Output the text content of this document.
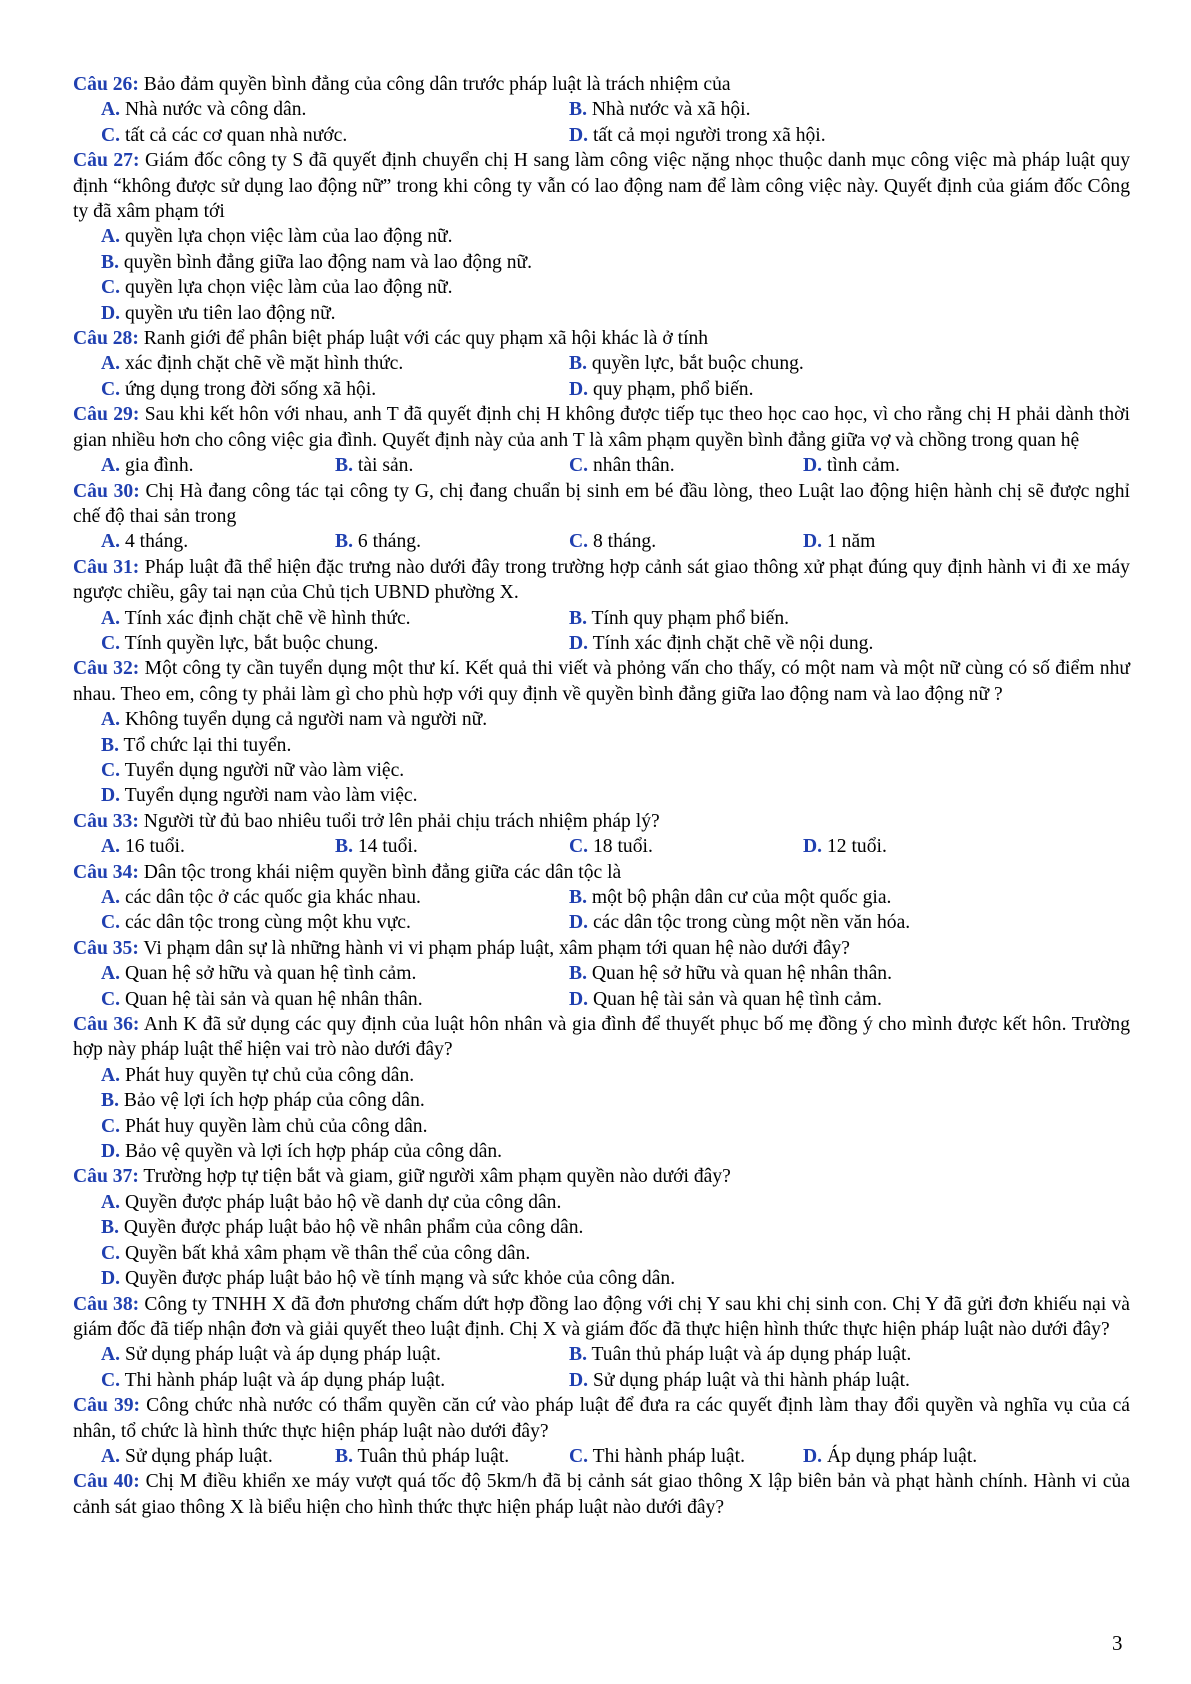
Câu 26: Bảo đảm quyền bình đẳng của công dân trước pháp luật là trách nhiệm của
A. Nhà nước và công dân.	B. Nhà nước và xã hội.
C. tất cả các cơ quan nhà nước.	D. tất cả mọi người trong xã hội.
Câu 27: Giám đốc công ty S đã quyết định chuyển chị H sang làm công việc nặng nhọc thuộc danh mục công việc mà pháp luật quy định “không được sử dụng lao động nữ” trong khi công ty vẫn có lao động nam để làm công việc này. Quyết định của giám đốc Công ty đã xâm phạm tới
A. quyền lựa chọn việc làm của lao động nữ.
B. quyền bình đẳng giữa lao động nam và lao động nữ.
C. quyền lựa chọn việc làm của lao động nữ.
D. quyền ưu tiên lao động nữ.
Câu 28: Ranh giới để phân biệt pháp luật với các quy phạm xã hội khác là ở tính
A. xác định chặt chẽ về mặt hình thức.	B. quyền lực, bắt buộc chung.
C. ứng dụng trong đời sống xã hội.	D. quy phạm, phổ biến.
Câu 29: Sau khi kết hôn với nhau, anh T đã quyết định chị H không được tiếp tục theo học cao học, vì cho rằng chị H phải dành thời gian nhiều hơn cho công việc gia đình. Quyết định này của anh T là xâm phạm quyền bình đẳng giữa vợ và chồng trong quan hệ
A. gia đình.	B. tài sản.	C. nhân thân.	D. tình cảm.
Câu 30: Chị Hà đang công tác tại công ty G, chị đang chuẩn bị sinh em bé đầu lòng, theo Luật lao động hiện hành chị sẽ được nghỉ chế độ thai sản trong
A. 4 tháng.	B. 6 tháng.	C. 8 tháng.	D. 1 năm
Câu 31: Pháp luật đã thể hiện đặc trưng nào dưới đây trong trường hợp cảnh sát giao thông xử phạt đúng quy định hành vi đi xe máy ngược chiều, gây tai nạn của Chủ tịch UBND phường X.
A. Tính xác định chặt chẽ về hình thức.	B. Tính quy phạm phổ biến.
C. Tính quyền lực, bắt buộc chung.	D. Tính xác định chặt chẽ về nội dung.
Câu 32: Một công ty cần tuyển dụng một thư kí. Kết quả thi viết và phỏng vấn cho thấy, có một nam và một nữ cùng có số điểm như nhau. Theo em, công ty phải làm gì cho phù hợp với quy định về quyền bình đẳng giữa lao động nam và lao động nữ ?
A. Không tuyển dụng cả người nam và người nữ.
B. Tổ chức lại thi tuyển.
C. Tuyển dụng người nữ vào làm việc.
D. Tuyển dụng người nam vào làm việc.
Câu 33: Người từ đủ bao nhiêu tuổi trở lên phải chịu trách nhiệm pháp lý?
A. 16 tuổi.	B. 14 tuổi.	C. 18 tuổi.	D. 12 tuổi.
Câu 34: Dân tộc trong khái niệm quyền bình đẳng giữa các dân tộc là
A. các dân tộc ở các quốc gia khác nhau.	B. một bộ phận dân cư của một quốc gia.
C. các dân tộc trong cùng một khu vực.	D. các dân tộc trong cùng một nền văn hóa.
Câu 35: Vi phạm dân sự là những hành vi vi phạm pháp luật, xâm phạm tới quan hệ nào dưới đây?
A. Quan hệ sở hữu và quan hệ tình cảm.	B. Quan hệ sở hữu và quan hệ nhân thân.
C. Quan hệ tài sản và quan hệ nhân thân.	D. Quan hệ tài sản và quan hệ tình cảm.
Câu 36: Anh K đã sử dụng các quy định của luật hôn nhân và gia đình để thuyết phục bố mẹ đồng ý cho mình được kết hôn. Trường hợp này pháp luật thể hiện vai trò nào dưới đây?
A. Phát huy quyền tự chủ của công dân.
B. Bảo vệ lợi ích hợp pháp của công dân.
C. Phát huy quyền làm chủ của công dân.
D. Bảo vệ quyền và lợi ích hợp pháp của công dân.
Câu 37: Trường hợp tự tiện bắt và giam, giữ người xâm phạm quyền nào dưới đây?
A. Quyền được pháp luật bảo hộ về danh dự của công dân.
B. Quyền được pháp luật bảo hộ về nhân phẩm của công dân.
C. Quyền bất khả xâm phạm về thân thể của công dân.
D. Quyền được pháp luật bảo hộ về tính mạng và sức khỏe của công dân.
Câu 38: Công ty TNHH X đã đơn phương chấm dứt hợp đồng lao động với chị Y sau khi chị sinh con. Chị Y đã gửi đơn khiếu nại và giám đốc đã tiếp nhận đơn và giải quyết theo luật định. Chị X và giám đốc đã thực hiện hình thức thực hiện pháp luật nào dưới đây?
A. Sử dụng pháp luật và áp dụng pháp luật.	B. Tuân thủ pháp luật và áp dụng pháp luật.
C. Thi hành pháp luật và áp dụng pháp luật.	D. Sử dụng pháp luật và thi hành pháp luật.
Câu 39: Công chức nhà nước có thẩm quyền căn cứ vào pháp luật để đưa ra các quyết định làm thay đổi quyền và nghĩa vụ của cá nhân, tổ chức là hình thức thực hiện pháp luật nào dưới đây?
A. Sử dụng pháp luật.	B. Tuân thủ pháp luật.	C. Thi hành pháp luật.	D. Áp dụng pháp luật.
Câu 40: Chị M điều khiển xe máy vượt quá tốc độ 5km/h đã bị cảnh sát giao thông X lập biên bản và phạt hành chính. Hành vi của cảnh sát giao thông X là biểu hiện cho hình thức thực hiện pháp luật nào dưới đây?
3
